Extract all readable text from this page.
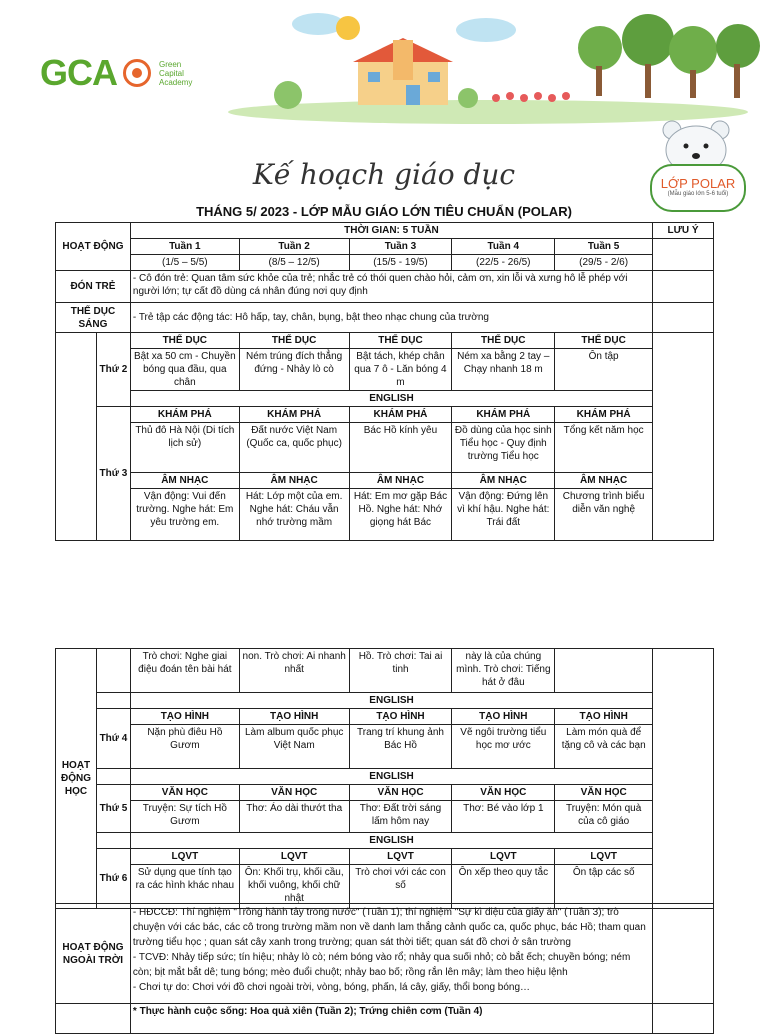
GCA	Green
Capital
Academy
LỚP POLAR
(Mẫu giáo lớn 5-6 tuổi)
Kế hoạch giáo dục
THÁNG 5/ 2023 - LỚP MẪU GIÁO LỚN TIÊU CHUẨN (POLAR)
HOẠT ĐỘNG		THỜI GIAN: 5 TUẦN					LƯU Ý
		Tuần 1	Tuần 2	Tuần 3	Tuần 4	Tuần 5	
		(1/5 – 5/5)	(8/5 – 12/5)	(15/5 - 19/5)	(22/5 - 26/5)	(29/5 - 2/6)	
ĐÓN TRẺ		- Cô đón trẻ: Quan tâm sức khỏe của trẻ; nhắc trẻ có thói quen chào hỏi, cảm ơn, xin lỗi và xưng hô lễ phép với người lớn; tự cất đồ dùng cá nhân đúng nơi quy định					
THỂ DỤC SÁNG		- Trẻ tập các động tác: Hô hấp, tay, chân, bụng, bật theo nhạc chung của trường					
	Thứ 2	THỂ DỤC	THỂ DỤC	THỂ DỤC	THỂ DỤC	THỂ DỤC	
		Bật xa 50 cm - Chuyền bóng qua đầu, qua chân	Ném trúng đích thẳng đứng - Nhảy lò cò	Bật tách, khép chân qua 7 ô - Lăn bóng 4 m	Ném xa bằng 2 tay – Chạy nhanh 18 m	Ôn tập	
		ENGLISH					
	Thứ 3	KHÁM PHÁ	KHÁM PHÁ	KHÁM PHÁ	KHÁM PHÁ	KHÁM PHÁ	
		Thủ đô Hà Nội (Di tích lịch sử)	Đất nước Việt Nam (Quốc ca, quốc phục)	Bác Hồ kính yêu	Đồ dùng của học sinh Tiểu học - Quy định trường Tiểu học	Tổng kết năm học	
		ÂM NHẠC	ÂM NHẠC	ÂM NHẠC	ÂM NHẠC	ÂM NHẠC	
		Vận động: Vui đến trường. Nghe hát: Em yêu trường em.	Hát: Lớp một của em. Nghe hát: Cháu vẫn nhớ trường mầm	Hát: Em mơ gặp Bác Hồ. Nghe hát: Nhớ giọng hát Bác	Vận động: Đứng lên vì khí hậu. Nghe hát: Trái đất	Chương trình biểu diễn văn nghệ	
HOẠT ĐỘNG HỌC		Trò chơi: Nghe giai điệu đoán tên bài hát	non. Trò chơi: Ai nhanh nhất	Hồ. Trò chơi: Tai ai tinh	này là của chúng mình. Trò chơi: Tiếng hát ở đâu		
		ENGLISH					
	Thứ 4	TẠO HÌNH	TẠO HÌNH	TẠO HÌNH	TẠO HÌNH	TẠO HÌNH	
		Nặn phù điêu Hồ Gươm	Làm album quốc phục Việt Nam	Trang trí khung ảnh Bác Hồ	Vẽ ngôi trường tiểu học mơ ước	Làm món quà để tặng cô và các bạn	
		ENGLISH					
	Thứ 5	VĂN HỌC	VĂN HỌC	VĂN HỌC	VĂN HỌC	VĂN HỌC	
		Truyện: Sự tích Hồ Gươm	Thơ: Áo dài thướt tha	Thơ: Đất trời sáng lấm hôm nay	Thơ: Bé vào lớp 1	Truyện: Món quà của cô giáo	
		ENGLISH					
	Thứ 6	LQVT	LQVT	LQVT	LQVT	LQVT	
		Sử dụng que tính tạo ra các hình khác nhau	Ôn: Khối trụ, khối cầu, khối vuông, khối chữ nhật	Trò chơi với các con số	Ôn xếp theo quy tắc	Ôn tập các số	
HOẠT ĐỘNG NGOÀI TRỜI	- HĐCCĐ: Thí nghiệm "Trồng hành tây trong nước" (Tuần 1); thí nghiệm "Sự kì diệu của giấy ăn" (Tuần 3); trò chuyện với các bác, các cô trong trường mầm non về danh lam thắng cảnh quốc ca, quốc phục, bác Hồ; tham quan trường tiểu học ; quan sát cây xanh trong trường; quan sát thời tiết; quan sát đồ chơi ở sân trường
- TCVĐ: Nhảy tiếp sức; tín hiệu; nhảy lò cò; ném bóng vào rổ; nhảy qua suối nhỏ; cò bắt ếch; chuyền bóng; ném còn; bịt mắt bắt dê; tung bóng; mèo đuổi chuột; nhảy bao bố; rồng rắn lên mây; làm theo hiệu lệnh
- Chơi tự do: Chơi với đồ chơi ngoài trời, vòng, bóng, phấn, lá cây, giấy, thổi bong bóng…	

	* Thực hành cuộc sống: Hoa quả xiên (Tuần 2); Trứng chiên cơm (Tuần 4)	
